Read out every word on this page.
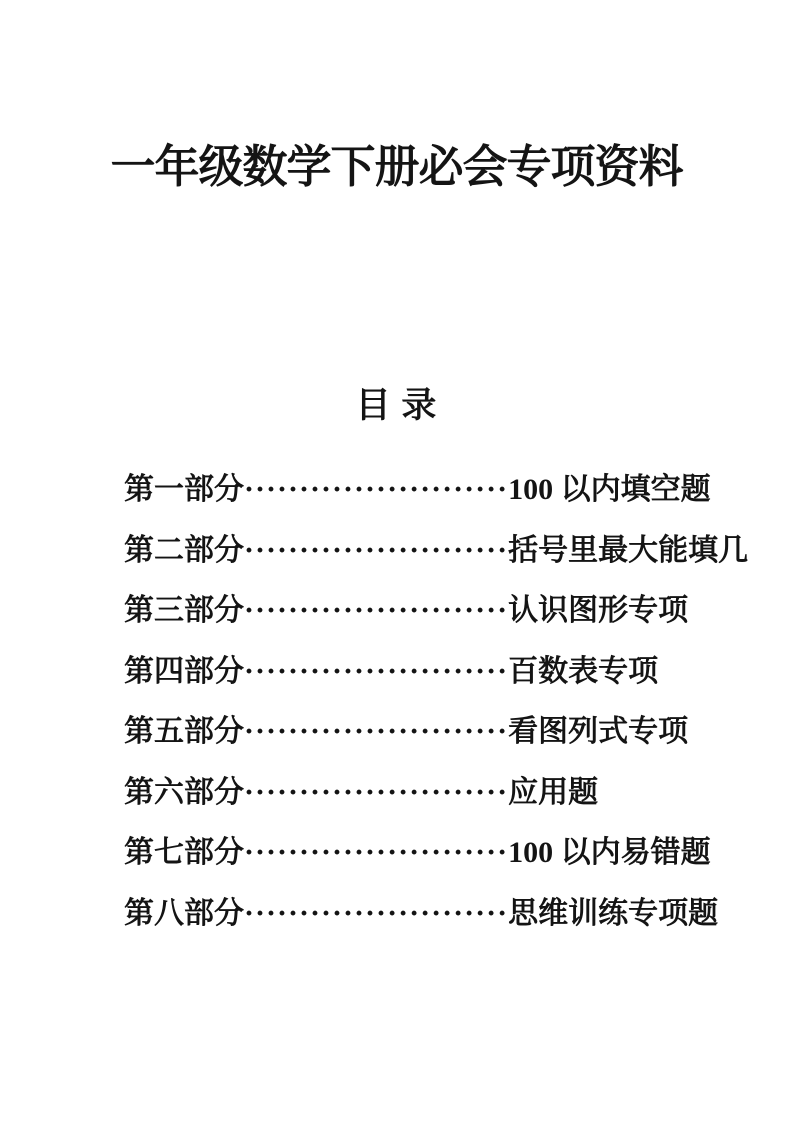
一年级数学下册必会专项资料
目 录
第一部分························100 以内填空题
第二部分························括号里最大能填几
第三部分························认识图形专项
第四部分························百数表专项
第五部分························看图列式专项
第六部分························应用题
第七部分························100 以内易错题
第八部分························思维训练专项题
